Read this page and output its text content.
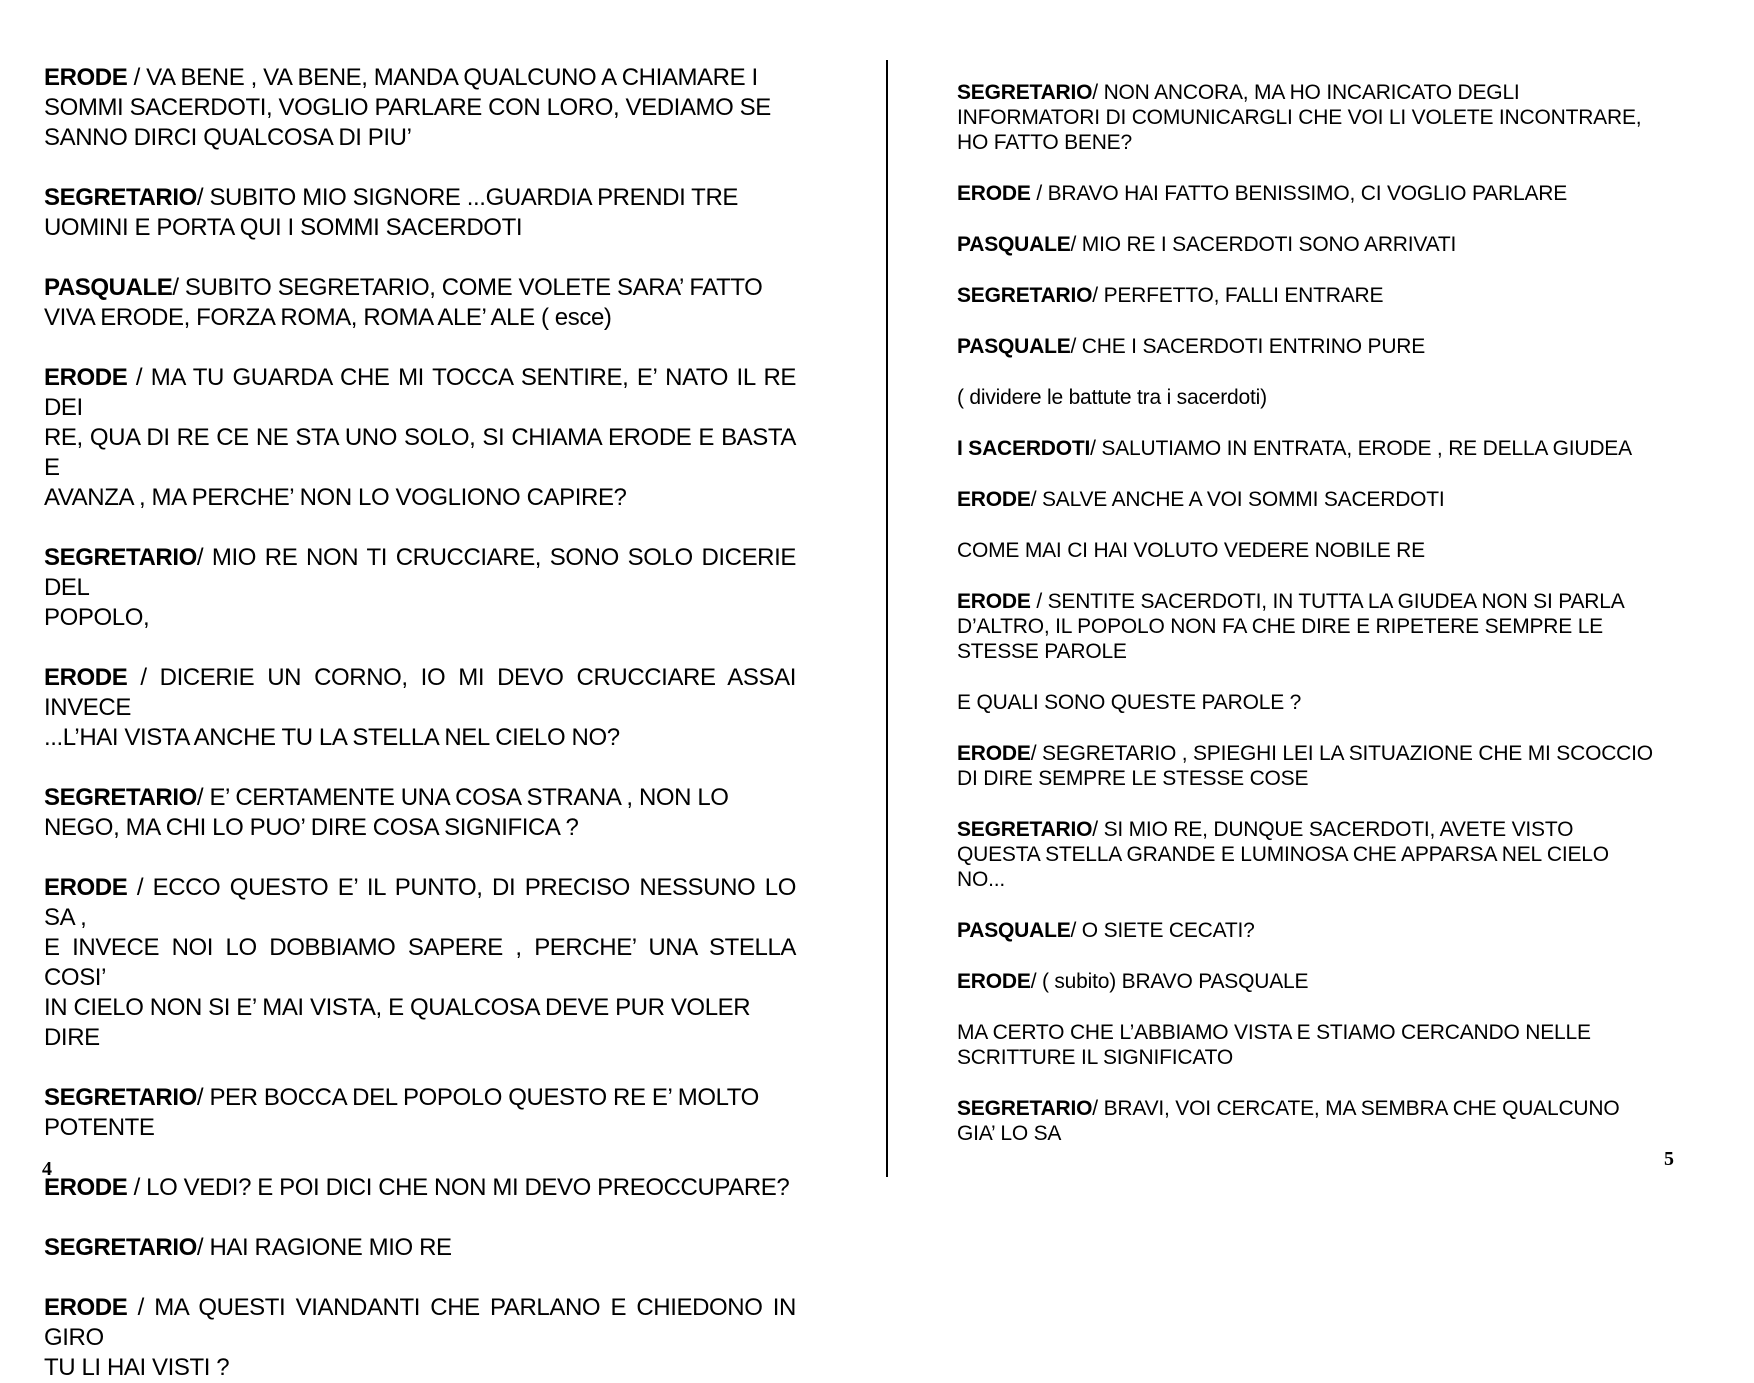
ERODE / VA BENE , VA BENE, MANDA QUALCUNO A CHIAMARE I

SOMMI SACERDOTI, VOGLIO PARLARE CON LORO, VEDIAMO SE

SANNO DIRCI QUALCOSA DI PIU’

SEGRETARIO/ SUBITO MIO SIGNORE ...GUARDIA PRENDI TRE

UOMINI E PORTA QUI I SOMMI SACERDOTI

PASQUALE/ SUBITO SEGRETARIO, COME VOLETE SARA’ FATTO

VIVA ERODE, FORZA ROMA, ROMA ALE’ ALE ( esce)

ERODE / MA TU GUARDA CHE MI TOCCA SENTIRE, E’ NATO IL RE DEI

RE, QUA DI RE CE NE STA UNO SOLO, SI CHIAMA ERODE E BASTA E

AVANZA , MA PERCHE’ NON LO VOGLIONO CAPIRE?

SEGRETARIO/ MIO RE NON TI CRUCCIARE, SONO SOLO DICERIE DEL

POPOLO,

ERODE / DICERIE UN CORNO, IO MI DEVO CRUCCIARE ASSAI INVECE

...L’HAI VISTA ANCHE TU LA STELLA NEL CIELO NO?

SEGRETARIO/ E’ CERTAMENTE UNA COSA STRANA , NON LO

NEGO, MA CHI LO PUO’ DIRE COSA SIGNIFICA ?

ERODE / ECCO QUESTO E’ IL PUNTO, DI PRECISO NESSUNO LO SA ,

E INVECE NOI LO DOBBIAMO SAPERE , PERCHE’ UNA STELLA COSI’

IN CIELO NON SI E’ MAI VISTA, E QUALCOSA DEVE PUR VOLER DIRE

SEGRETARIO/ PER BOCCA DEL POPOLO QUESTO RE E’ MOLTO

POTENTE

ERODE / LO VEDI? E POI DICI CHE NON MI DEVO PREOCCUPARE?

SEGRETARIO/ HAI RAGIONE MIO RE

ERODE / MA QUESTI VIANDANTI CHE PARLANO E CHIEDONO IN GIRO

TU LI HAI VISTI ?

SEGRETARIO/ NON ANCORA, MA HO INCARICATO DEGLI

INFORMATORI DI COMUNICARGLI CHE VOI LI VOLETE INCONTRARE,

HO FATTO BENE?

ERODE / BRAVO HAI FATTO BENISSIMO, CI VOGLIO PARLARE

PASQUALE/ MIO RE I SACERDOTI SONO ARRIVATI

SEGRETARIO/ PERFETTO, FALLI ENTRARE

PASQUALE/ CHE I SACERDOTI ENTRINO PURE

( dividere le battute tra i sacerdoti)

I SACERDOTI/ SALUTIAMO IN ENTRATA, ERODE , RE DELLA GIUDEA

ERODE/ SALVE ANCHE A VOI SOMMI SACERDOTI

COME MAI CI HAI VOLUTO VEDERE NOBILE RE

ERODE / SENTITE SACERDOTI, IN TUTTA LA GIUDEA NON SI PARLA

D’ALTRO, IL POPOLO NON FA CHE DIRE E RIPETERE SEMPRE LE

STESSE PAROLE

E QUALI SONO QUESTE PAROLE ?

ERODE/ SEGRETARIO , SPIEGHI LEI LA SITUAZIONE CHE MI SCOCCIO

DI DIRE SEMPRE LE STESSE COSE

SEGRETARIO/ SI MIO RE, DUNQUE SACERDOTI, AVETE VISTO

QUESTA STELLA GRANDE E LUMINOSA CHE APPARSA NEL CIELO

NO...

PASQUALE/ O SIETE CECATI?

ERODE/ ( subito) BRAVO PASQUALE

MA CERTO CHE L’ABBIAMO VISTA E STIAMO CERCANDO NELLE

SCRITTURE IL SIGNIFICATO

SEGRETARIO/ BRAVI, VOI CERCATE, MA SEMBRA CHE QUALCUNO

GIA’ LO SA

4	5
